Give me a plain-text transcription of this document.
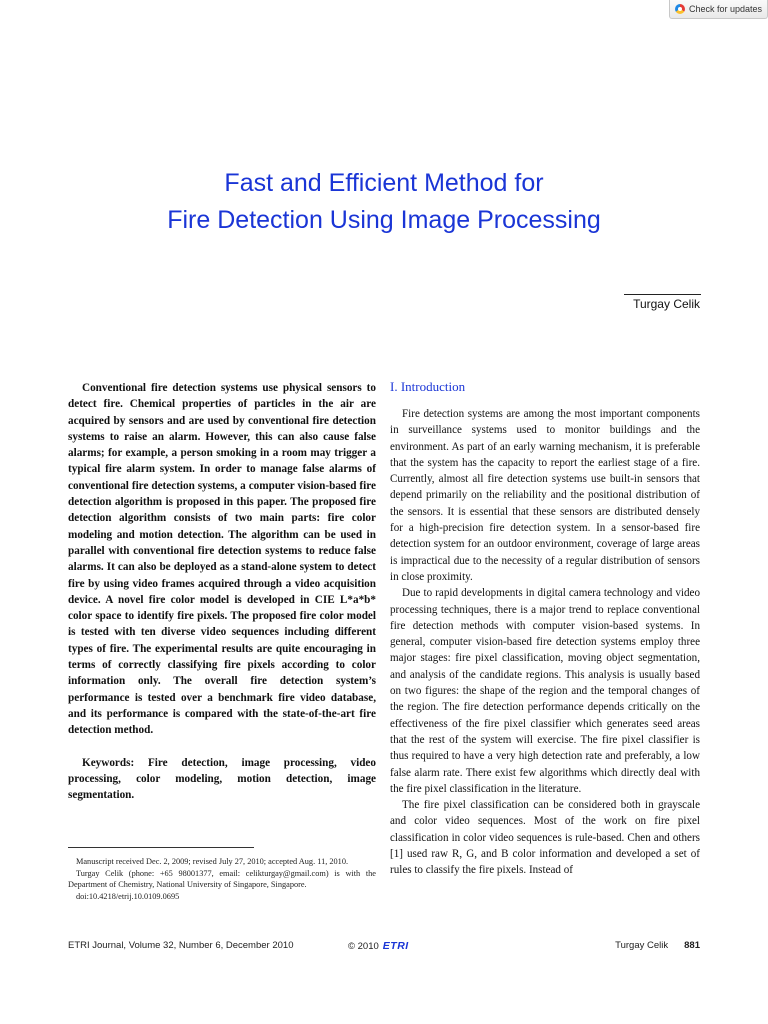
Check for updates
Fast and Efficient Method for
Fire Detection Using Image Processing
Turgay Celik

Conventional fire detection systems use physical sensors to detect fire. Chemical properties of particles in the air are acquired by sensors and are used by conventional fire detection systems to raise an alarm. However, this can also cause false alarms; for example, a person smoking in a room may trigger a typical fire alarm system. In order to manage false alarms of conventional fire detection systems, a computer vision-based fire detection algorithm is proposed in this paper. The proposed fire detection algorithm consists of two main parts: fire color modeling and motion detection. The algorithm can be used in parallel with conventional fire detection systems to reduce false alarms. It can also be deployed as a stand-alone system to detect fire by using video frames acquired through a video acquisition device. A novel fire color model is developed in CIE L*a*b* color space to identify fire pixels. The proposed fire color model is tested with ten diverse video sequences including different types of fire. The experimental results are quite encouraging in terms of correctly classifying fire pixels according to color information only. The overall fire detection system’s performance is tested over a benchmark fire video database, and its performance is compared with the state-of-the-art fire detection method.

Keywords: Fire detection, image processing, video processing, color modeling, motion detection, image segmentation.

Manuscript received Dec. 2, 2009; revised July 27, 2010; accepted Aug. 11, 2010.

Turgay Celik (phone: +65 98001377, email: celikturgay@gmail.com) is with the Department of Chemistry, National University of Singapore, Singapore.

doi:10.4218/etrij.10.0109.0695

I. Introduction

Fire detection systems are among the most important components in surveillance systems used to monitor buildings and the environment. As part of an early warning mechanism, it is preferable that the system has the capacity to report the earliest stage of a fire. Currently, almost all fire detection systems use built-in sensors that depend primarily on the reliability and the positional distribution of the sensors. It is essential that these sensors are distributed densely for a high-precision fire detection system. In a sensor-based fire detection system for an outdoor environment, coverage of large areas is impractical due to the necessity of a regular distribution of sensors in close proximity.

Due to rapid developments in digital camera technology and video processing techniques, there is a major trend to replace conventional fire detection methods with computer vision-based systems. In general, computer vision-based fire detection systems employ three major stages: fire pixel classification, moving object segmentation, and analysis of the candidate regions. This analysis is usually based on two figures: the shape of the region and the temporal changes of the region. The fire detection performance depends critically on the effectiveness of the fire pixel classifier which generates seed areas that the rest of the system will exercise. The fire pixel classifier is thus required to have a very high detection rate and preferably, a low false alarm rate. There exist few algorithms which directly deal with the fire pixel classification in the literature.

The fire pixel classification can be considered both in grayscale and color video sequences. Most of the work on fire pixel classification in color video sequences is rule-based. Chen and others [1] used raw R, G, and B color information and developed a set of rules to classify the fire pixels. Instead of

ETRI Journal, Volume 32, Number 6, December 2010	© 2010 ETRI	Turgay Celik 881
